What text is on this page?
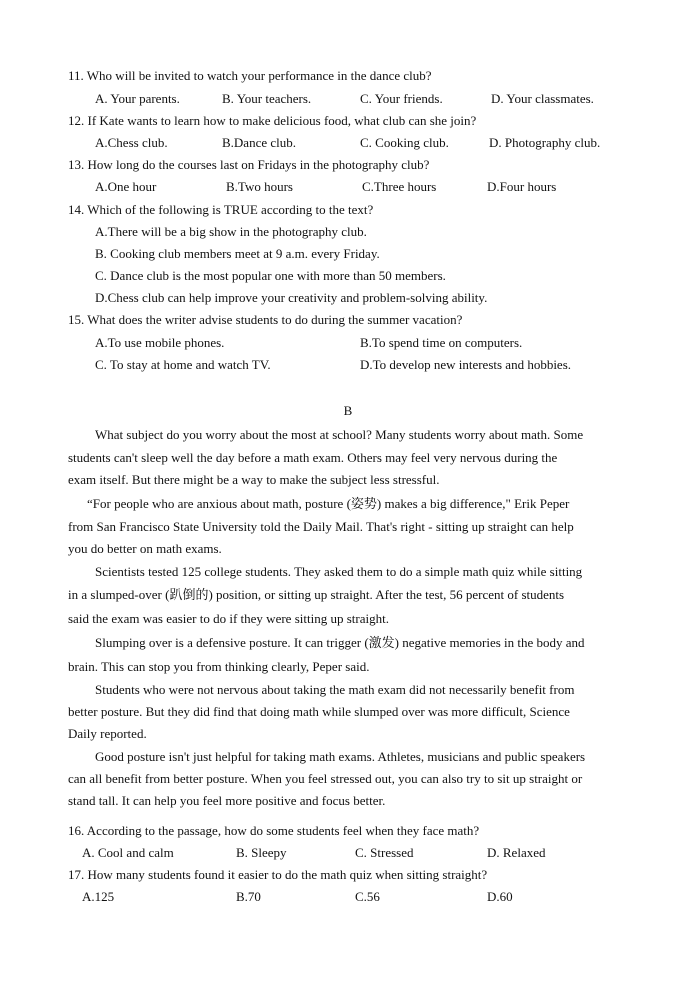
11. Who will be invited to watch your performance in the dance club?
A. Your parents.	B. Your teachers.	C. Your friends.	D. Your classmates.
12. If Kate wants to learn how to make delicious food, what club can she join?
A.Chess club.	B.Dance club.	C. Cooking club.	D. Photography club.
13. How long do the courses last on Fridays in the photography club?
A.One hour	B.Two hours	C.Three hours	D.Four hours
14. Which of the following is TRUE according to the text?
A.There will be a big show in the photography club.
B. Cooking club members meet at 9 a.m. every Friday.
C. Dance club is the most popular one with more than 50 members.
D.Chess club can help improve your creativity and problem-solving ability.
15. What does the writer advise students to do during the summer vacation?
A.To use mobile phones.	B.To spend time on computers.
C. To stay at home and watch TV.	D.To develop new interests and hobbies.
B
What subject do you worry about the most at school? Many students worry about math. Some
students can't sleep well the day before a math exam. Others may feel very nervous during the
exam itself. But there might be a way to make the subject less stressful.
“For people who are anxious about math, posture (姿势) makes a big difference," Erik Peper
from San Francisco State University told the Daily Mail. That's right - sitting up straight can help
you do better on math exams.
Scientists tested 125 college students. They asked them to do a simple math quiz while sitting
in a slumped-over (趴倒的) position, or sitting up straight. After the test, 56 percent of students
said the exam was easier to do if they were sitting up straight.
Slumping over is a defensive posture. It can trigger (激发) negative memories in the body and
brain. This can stop you from thinking clearly, Peper said.
Students who were not nervous about taking the math exam did not necessarily benefit from
better posture. But they did find that doing math while slumped over was more difficult, Science
Daily reported.
Good posture isn't just helpful for taking math exams. Athletes, musicians and public speakers
can all benefit from better posture. When you feel stressed out, you can also try to sit up straight or
stand tall. It can help you feel more positive and focus better.
16. According to the passage, how do some students feel when they face math?
A. Cool and calm	B. Sleepy	C. Stressed	D. Relaxed
17. How many students found it easier to do the math quiz when sitting straight?
A.125	B.70	C.56	D.60
